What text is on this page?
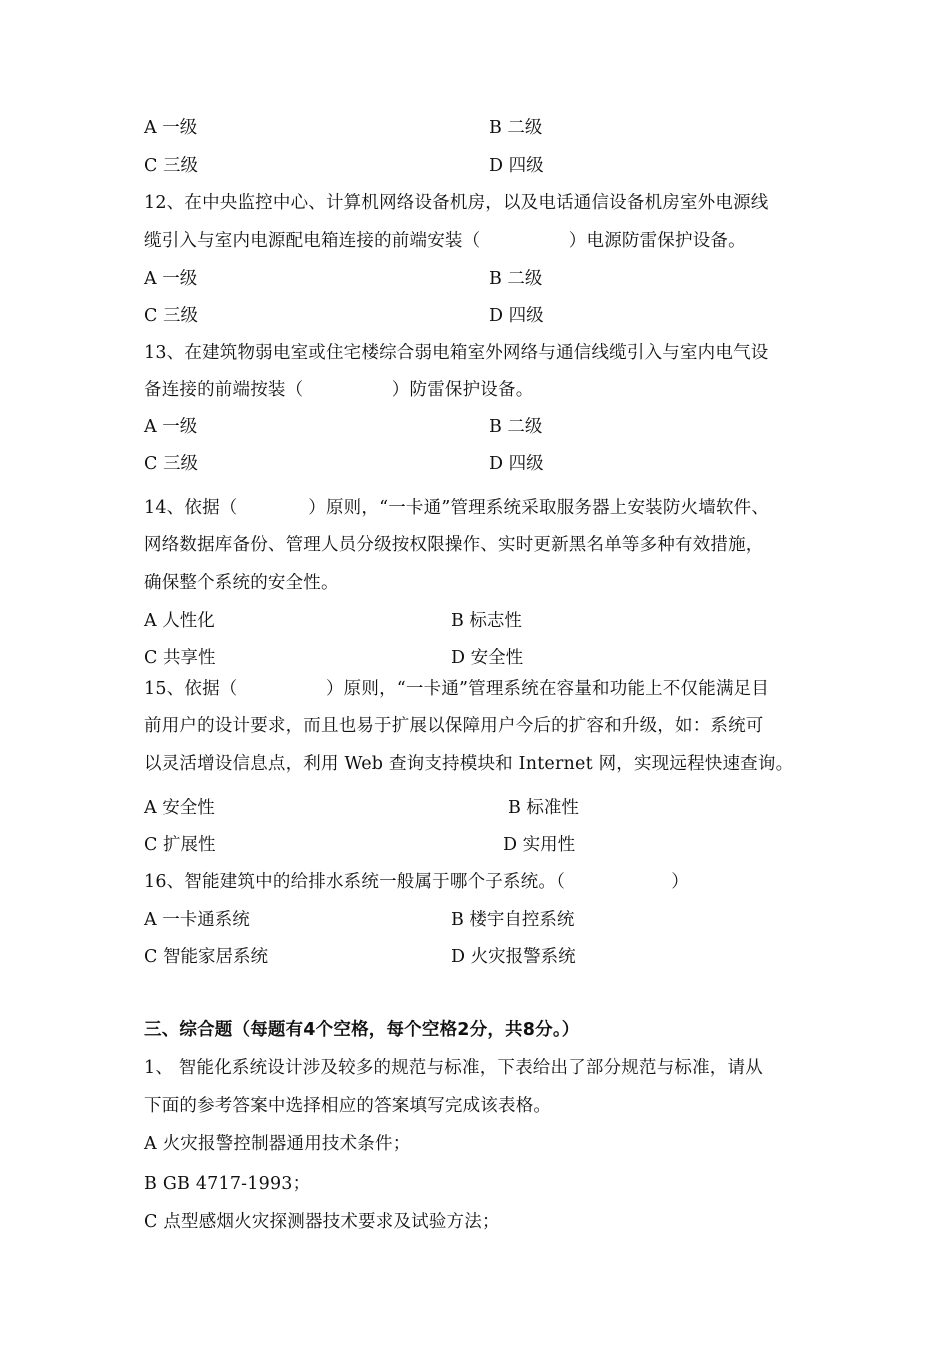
A 一级	B 二级
C 三级	D 四级
12、在中央监控中心、计算机网络设备机房，以及电话通信设备机房室外电源线
缆引入与室内电源配电箱连接的前端安装（　　　　　）电源防雷保护设备。
A 一级	B 二级
C 三级	D 四级
13、在建筑物弱电室或住宅楼综合弱电箱室外网络与通信线缆引入与室内电气设
备连接的前端按装（　　　　　）防雷保护设备。
A 一级	B 二级
C 三级	D 四级
14、依据（　　　　）原则，“一卡通”管理系统采取服务器上安装防火墙软件、
网络数据库备份、管理人员分级按权限操作、实时更新黑名单等多种有效措施，
确保整个系统的安全性。
A 人性化	B 标志性
C 共享性	D 安全性
15、依据（　　　　　）原则，“一卡通”管理系统在容量和功能上不仅能满足目
前用户的设计要求，而且也易于扩展以保障用户今后的扩容和升级，如：系统可
以灵活增设信息点，利用 Web 查询支持模块和 Internet 网，实现远程快速查询。
A 安全性	B 标准性
C 扩展性	D 实用性
16、智能建筑中的给排水系统一般属于哪个子系统。（　　　　　　）
A 一卡通系统	B 楼宇自控系统
C 智能家居系统	D 火灾报警系统
三、综合题（每题有4个空格，每个空格2分，共8分。）
1、 智能化系统设计涉及较多的规范与标准，下表给出了部分规范与标准，请从
下面的参考答案中选择相应的答案填写完成该表格。
A 火灾报警控制器通用技术条件；
B GB 4717-1993；
C 点型感烟火灾探测器技术要求及试验方法；
